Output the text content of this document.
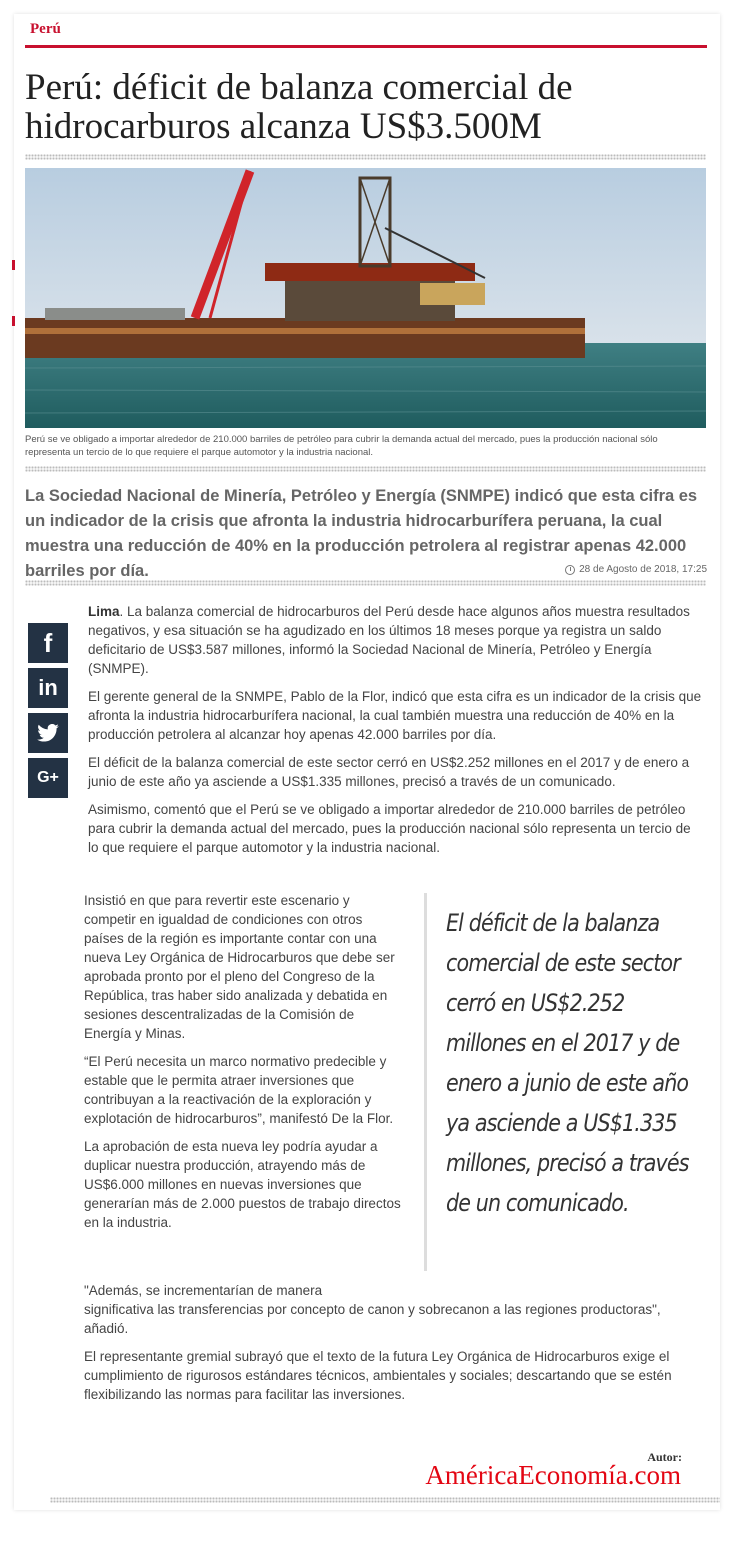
Perú
Perú: déficit de balanza comercial de hidrocarburos alcanza US$3.500M

Perú se ve obligado a importar alrededor de 210.000 barriles de petróleo para cubrir la demanda actual del mercado, pues la producción nacional sólo representa un tercio de lo que requiere el parque automotor y la industria nacional.

La Sociedad Nacional de Minería, Petróleo y Energía (SNMPE) indicó que esta cifra es un indicador de la crisis que afronta la industria hidrocarburífera peruana, la cual muestra una reducción de 40% en la producción petrolera al registrar apenas 42.000 barriles por día.	28 de Agosto de 2018, 17:25
f
in
G+

Lima. La balanza comercial de hidrocarburos del Perú desde hace algunos años muestra resultados negativos, y esa situación se ha agudizado en los últimos 18 meses porque ya registra un saldo deficitario de US$3.587 millones, informó la Sociedad Nacional de Minería, Petróleo y Energía (SNMPE).

El gerente general de la SNMPE, Pablo de la Flor, indicó que esta cifra es un indicador de la crisis que afronta la industria hidrocarburífera nacional, la cual también muestra una reducción de 40% en la producción petrolera al alcanzar hoy apenas 42.000 barriles por día.

El déficit de la balanza comercial de este sector cerró en US$2.252 millones en el 2017 y de enero a junio de este año ya asciende a US$1.335 millones, precisó a través de un comunicado.

Asimismo, comentó que el Perú se ve obligado a importar alrededor de 210.000 barriles de petróleo para cubrir la demanda actual del mercado, pues la producción nacional sólo representa un tercio de lo que requiere el parque automotor y la industria nacional.

Insistió en que para revertir este escenario y competir en igualdad de condiciones con otros países de la región es importante contar con una nueva Ley Orgánica de Hidrocarburos que debe ser aprobada pronto por el pleno del Congreso de la República, tras haber sido analizada y debatida en sesiones descentralizadas de la Comisión de Energía y Minas.

“El Perú necesita un marco normativo predecible y estable que le permita atraer inversiones que contribuyan a la reactivación de la exploración y explotación de hidrocarburos”, manifestó De la Flor.

La aprobación de esta nueva ley podría ayudar a duplicar nuestra producción, atrayendo más de US$6.000 millones en nuevas inversiones que generarían más de 2.000 puestos de trabajo directos en la industria.

El déficit de la balanza comercial de este sector cerró en US$2.252 millones en el 2017 y de enero a junio de este año ya asciende a US$1.335 millones, precisó a través de un comunicado.

"Además, se incrementarían de manera
significativa las transferencias por concepto de canon y sobrecanon a las regiones productoras", añadió.

El representante gremial subrayó que el texto de la futura Ley Orgánica de Hidrocarburos exige el cumplimiento de rigurosos estándares técnicos, ambientales y sociales; descartando que se estén flexibilizando las normas para facilitar las inversiones.

Autor:
AméricaEconomía.com
